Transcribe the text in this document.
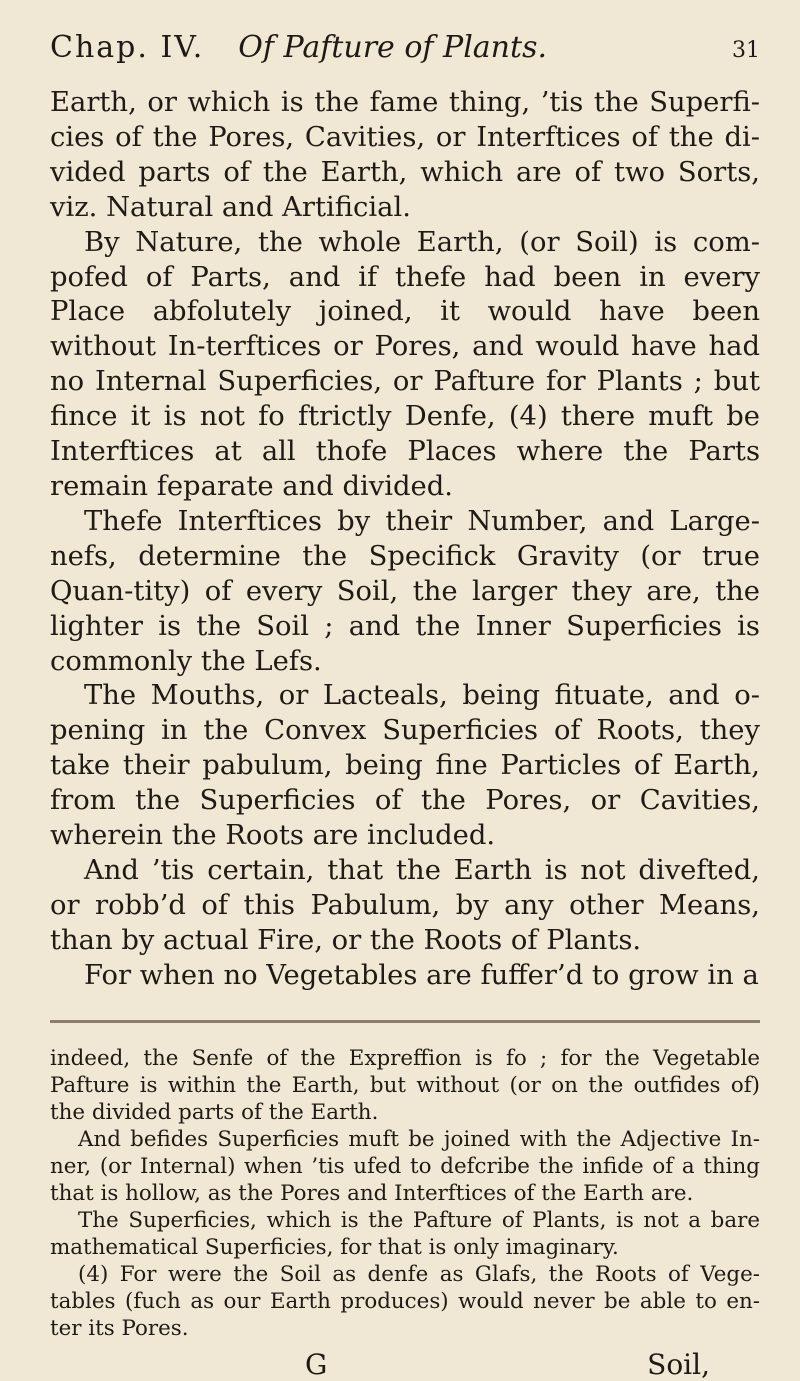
Chap. IV. Of Pafture of Plants.	31

Earth, or which is the fame thing, ’tis the Superfi-cies of the Pores, Cavities, or Interftices of the di-vided parts of the Earth, which are of two Sorts, viz. Natural and Artificial.

By Nature, the whole Earth, (or Soil) is com-pofed of Parts, and if thefe had been in every Place abfolutely joined, it would have been without In-terftices or Pores, and would have had no Internal Superficies, or Pafture for Plants ; but fince it is not fo ftrictly Denfe, (4) there muft be Interftices at all thofe Places where the Parts remain feparate and divided.

Thefe Interftices by their Number, and Large-nefs, determine the Specifick Gravity (or true Quan-tity) of every Soil, the larger they are, the lighter is the Soil ; and the Inner Superficies is commonly the Lefs.

The Mouths, or Lacteals, being fituate, and o-pening in the Convex Superficies of Roots, they take their pabulum, being fine Particles of Earth, from the Superficies of the Pores, or Cavities, wherein the Roots are included.

And ’tis certain, that the Earth is not divefted, or robb’d of this Pabulum, by any other Means, than by actual Fire, or the Roots of Plants.

For when no Vegetables are fuffer’d to grow in a

indeed, the Senfe of the Expreffion is fo ; for the Vegetable Pafture is within the Earth, but without (or on the outfides of) the divided parts of the Earth.

And befides Superficies muft be joined with the Adjective In-ner, (or Internal) when ’tis ufed to defcribe the infide of a thing that is hollow, as the Pores and Interftices of the Earth are.

The Superficies, which is the Pafture of Plants, is not a bare mathematical Superficies, for that is only imaginary.

(4) For were the Soil as denfe as Glafs, the Roots of Vege-tables (fuch as our Earth produces) would never be able to en-ter its Pores.

G	Soil,
